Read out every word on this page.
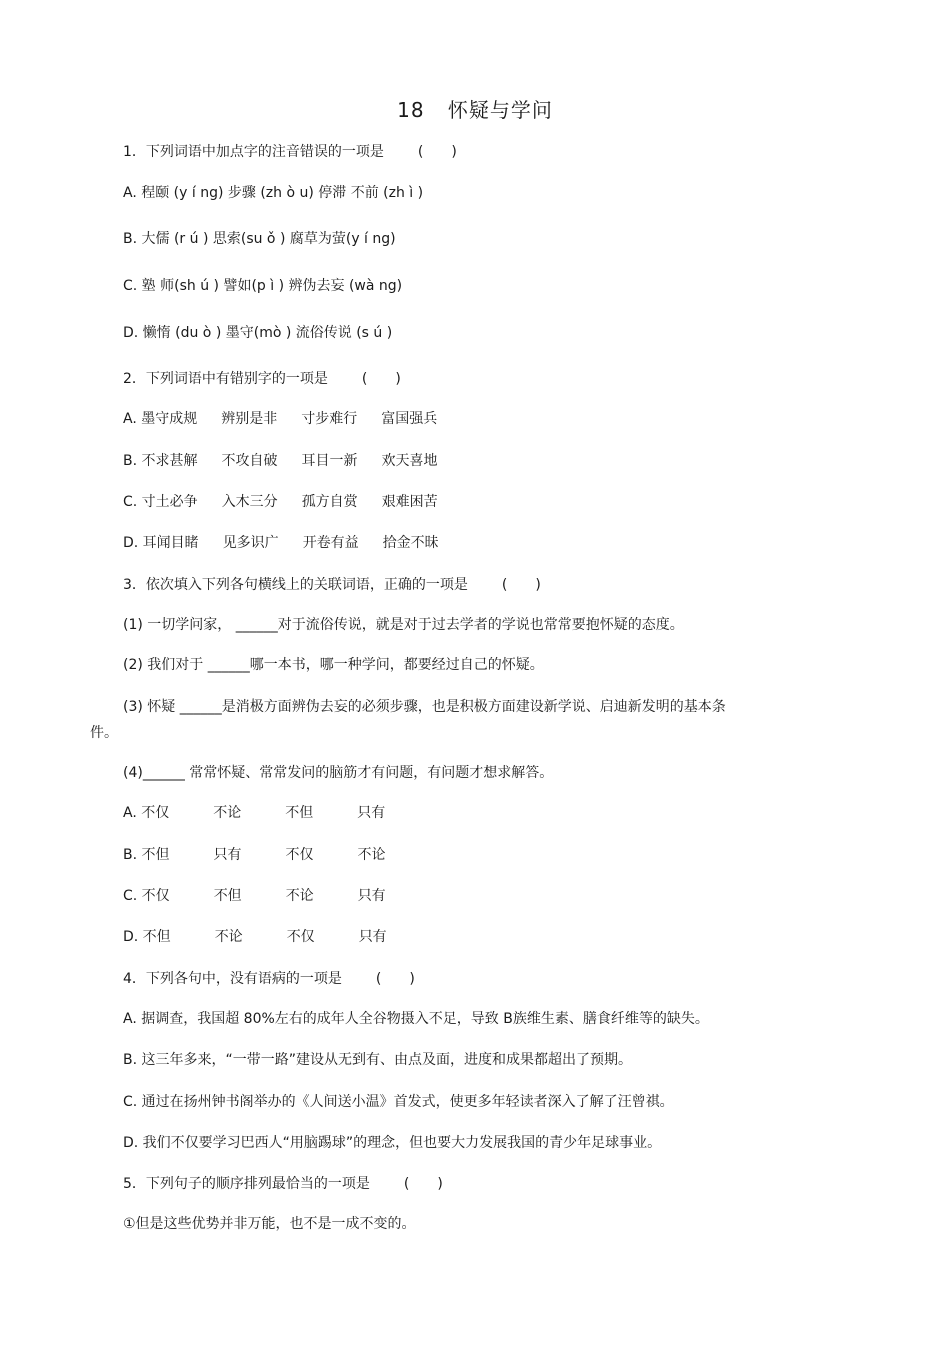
18 怀疑与学问
1．下列词语中加点字的注音错误的一项是 (　　)
A. 程颐 (y í ng) 步骤 (zh ò u) 停滞 不前 (zh ì )
B. 大儒 (r ú ) 思索(su ǒ ) 腐草为萤(y í ng)
C. 塾 师(sh ú ) 譬如(p ì ) 辨伪去妄 (wà ng)
D. 懒惰 (du ò ) 墨守(mò ) 流俗传说 (s ú )
2．下列词语中有错别字的一项是 (　　)
A. 墨守成规 辨别是非 寸步难行 富国强兵
B. 不求甚解 不攻自破 耳目一新 欢天喜地
C. 寸土必争 入木三分 孤方自赏 艰难困苦
D. 耳闻目睹 见多识广 开卷有益 拾金不昧
3．依次填入下列各句横线上的关联词语，正确的一项是 (　　)
(1) 一切学问家， ______对于流俗传说，就是对于过去学者的学说也常常要抱怀疑的态度。
(2) 我们对于 ______哪一本书，哪一种学问，都要经过自己的怀疑。
(3) 怀疑 ______是消极方面辨伪去妄的必须步骤，也是积极方面建设新学说、启迪新发明的基本条
件。
(4)______ 常常怀疑、常常发问的脑筋才有问题，有问题才想求解答。
A. 不仅	不论	不但	只有
B. 不但	只有	不仅	不论
C. 不仅	不但	不论	只有
D. 不但	不论	不仅	只有
4．下列各句中，没有语病的一项是 (　　)
A. 据调查，我国超 80%左右的成年人全谷物摄入不足，导致 B族维生素、膳食纤维等的缺失。
B. 这三年多来，“一带一路”建设从无到有、由点及面，进度和成果都超出了预期。
C. 通过在扬州钟书阁举办的《人间送小温》首发式，使更多年轻读者深入了解了汪曾祺。
D. 我们不仅要学习巴西人“用脑踢球”的理念，但也要大力发展我国的青少年足球事业。
5．下列句子的顺序排列最恰当的一项是 (　　)
①但是这些优势并非万能，也不是一成不变的。
